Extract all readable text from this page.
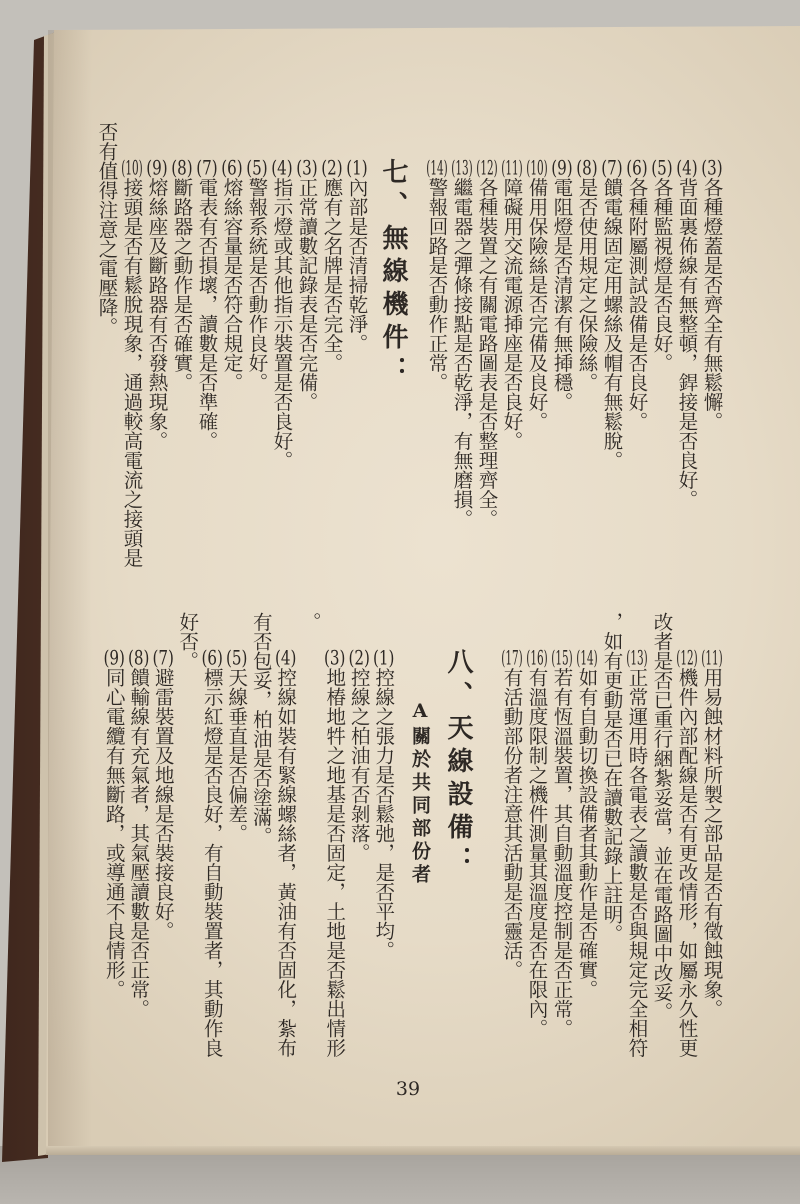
(3)各種燈蓋是否齊全有無鬆懈。
(4)背面裏佈線有無整頓，銲接是否良好。
(5)各種監視燈是否良好。
(6)各種附屬測試設備是否良好。
(7)饋電線固定用螺絲及帽有無鬆脫。
(8)是否使用規定之保險絲。
(9)電阻燈是否清潔有無揷穩。
(10)備用保險絲是否完備及良好。
(11)障礙用交流電源揷座是否良好。
(12)各種裝置之有關電路圖表是否整理齊全。
(13)繼電器之彈條接點是否乾淨，有無磨損。
(14)警報回路是否動作正常。
七、無線機件：
(1)內部是否清掃乾淨。
(2)應有之名牌是否完全。
(3)正常讀數記錄表是否完備。
(4)指示燈或其他指示裝置是否良好。
(5)警報系統是否動作良好。
(6)熔絲容量是否符合規定。
(7)電表有否損壞，讀數是否準確。
(8)斷路器之動作是否確實。
(9)熔絲座及斷路器有否發熱現象。
(10)接頭是否有鬆脫現象，通過較高電流之接頭是
否有值得注意之電壓降。
(11)用易蝕材料所製之部品是否有徵蝕現象。
(12)機件內部配線是否有更改情形，如屬永久性更
改者是否已重行綑紮妥當，並在電路圖中改妥。
(13)正常運用時各電表之讀數是否與規定完全相符
，如有更動是否已在讀數記錄上註明。
(14)如有自動切換設備者其動作是否確實。
(15)若有恆溫裝置，其自動溫度控制是否正常。
(16)有溫度限制之機件測量其溫度是否在限內。
(17)有活動部份者注意其活動是否靈活。
八、天線設備：
A關於共同部份者
(1)控線之張力是否鬆弛，是否平均。
(2)控線之柏油有否剝落。
(3)地椿地牪之地基是否固定，土地是否鬆出情形
。
(4)控線如裝有緊線螺絲者，黃油有否固化，紮布
有否包妥，柏油是否塗滿。
(5)天線垂直是否偏差。
(6)標示紅燈是否良好，有自動裝置者，其動作良
好否。
(7)避雷裝置及地線是否裝接良好。
(8)饋輸線有充氣者，其氣壓讀數是否正常。
(9)同心電纜有無斷路，或導通不良情形。
39
